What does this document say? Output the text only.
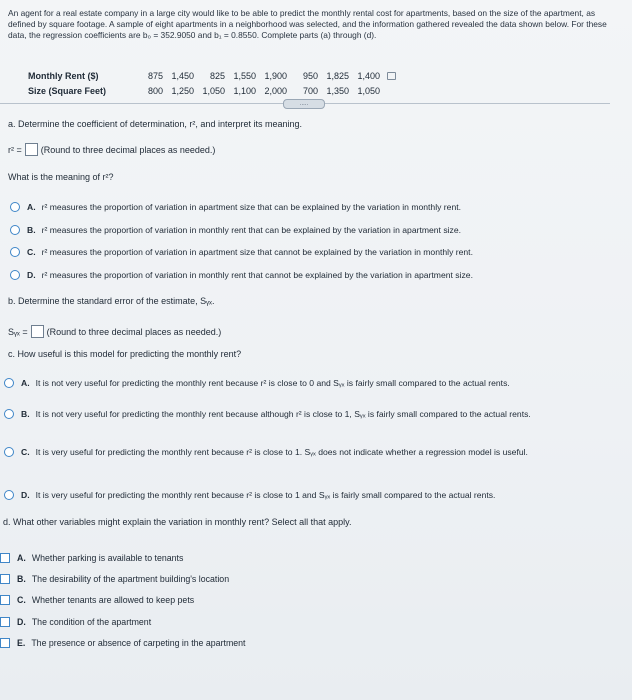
An agent for a real estate company in a large city would like to be able to predict the monthly rental cost for apartments, based on the size of the apartment, as defined by square footage. A sample of eight apartments in a neighborhood was selected, and the information gathered revealed the data shown below. For these data, the regression coefficients are b₀ = 352.9050 and b₁ = 0.8550. Complete parts (a) through (d).
Monthly Rent ($)	875	1,450	825	1,550	1,900	950	1,825	1,400	
Size (Square Feet)	800	1,250	1,050	1,100	2,000	700	1,350	1,050	
.....
a. Determine the coefficient of determination, r², and interpret its meaning.
r² = (Round to three decimal places as needed.)
What is the meaning of r²?
A. r² measures the proportion of variation in apartment size that can be explained by the variation in monthly rent.
B. r² measures the proportion of variation in monthly rent that can be explained by the variation in apartment size.
C. r² measures the proportion of variation in apartment size that cannot be explained by the variation in monthly rent.
D. r² measures the proportion of variation in monthly rent that cannot be explained by the variation in apartment size.
b. Determine the standard error of the estimate, Sᵧₓ.
Sᵧₓ = (Round to three decimal places as needed.)
c. How useful is this model for predicting the monthly rent?
A. It is not very useful for predicting the monthly rent because r² is close to 0 and Sᵧₓ is fairly small compared to the actual rents.
B. It is not very useful for predicting the monthly rent because although r² is close to 1, Sᵧₓ is fairly small compared to the actual rents.
C. It is very useful for predicting the monthly rent because r² is close to 1. Sᵧₓ does not indicate whether a regression model is useful.
D. It is very useful for predicting the monthly rent because r² is close to 1 and Sᵧₓ is fairly small compared to the actual rents.
d. What other variables might explain the variation in monthly rent? Select all that apply.
A. Whether parking is available to tenants
B. The desirability of the apartment building's location
C. Whether tenants are allowed to keep pets
D. The condition of the apartment
E. The presence or absence of carpeting in the apartment
